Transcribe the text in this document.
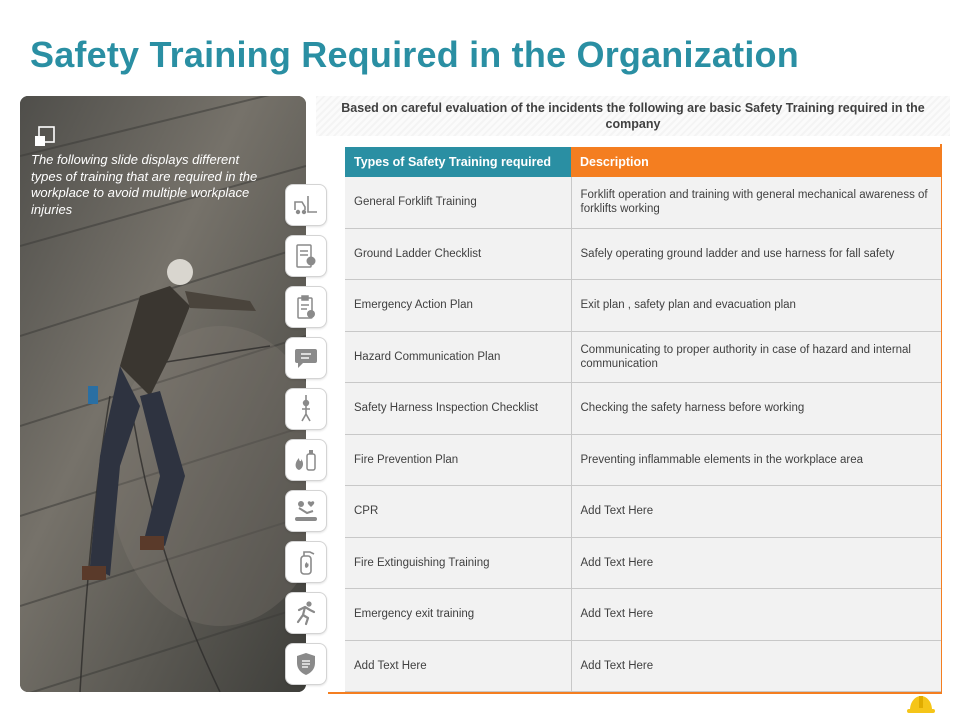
Safety Training Required in the Organization
The following slide displays different types of training that are required in the workplace to avoid multiple workplace injuries
Based on careful evaluation of the incidents the following are basic Safety Training required in the company
Types of Safety Training required	Description
General Forklift Training	Forklift operation and training with general mechanical awareness of forklifts working
Ground Ladder Checklist	Safely operating ground ladder and use harness for fall safety
Emergency Action Plan	Exit plan , safety plan and evacuation plan
Hazard Communication Plan	Communicating to proper authority in case of hazard and internal communication
Safety Harness Inspection Checklist	Checking the safety harness before working
Fire Prevention Plan	Preventing inflammable elements in the workplace area
CPR	Add Text Here
Fire Extinguishing Training	Add Text Here
Emergency exit training	Add Text Here
Add Text Here	Add Text Here
